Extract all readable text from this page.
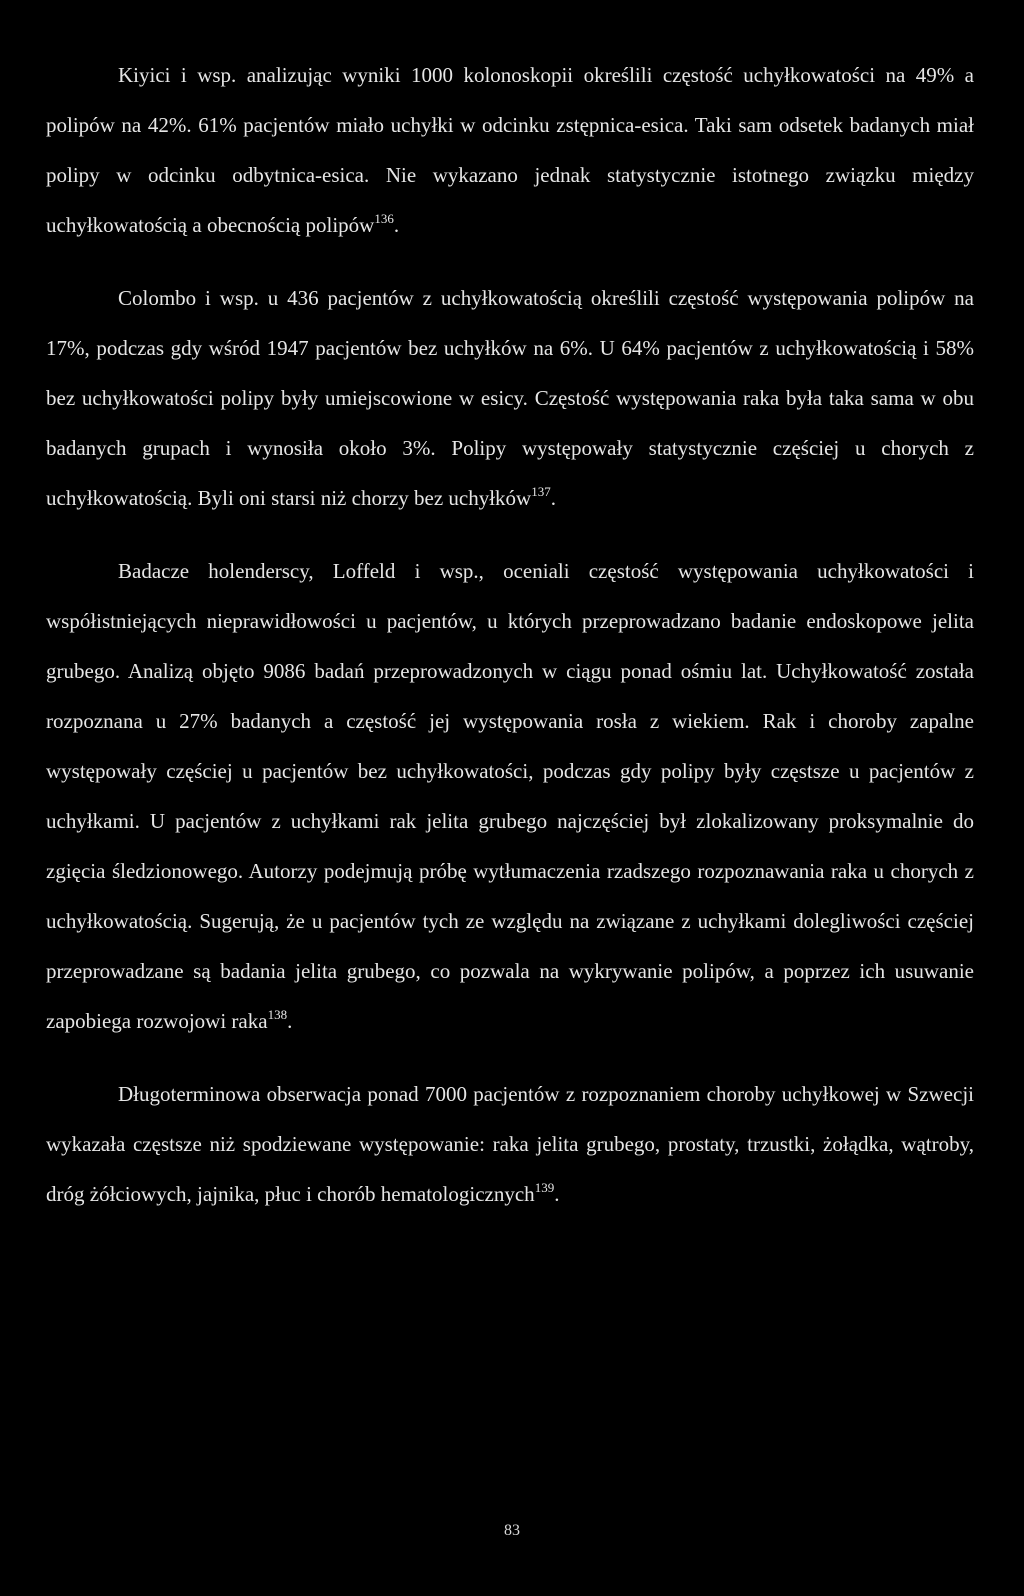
Kiyici i wsp. analizując wyniki 1000 kolonoskopii określili częstość uchyłkowatości na 49% a polipów na 42%. 61% pacjentów miało uchyłki w odcinku zstępnica-esica. Taki sam odsetek badanych miał polipy w odcinku odbytnica-esica. Nie wykazano jednak statystycznie istotnego związku między uchyłkowatością a obecnością polipów$^{136}$.

Colombo i wsp. u 436 pacjentów z uchyłkowatością określili częstość występowania polipów na 17%, podczas gdy wśród 1947 pacjentów bez uchyłków na 6%. U 64% pacjentów z uchyłkowatością i 58% bez uchyłkowatości polipy były umiejscowione w esicy. Częstość występowania raka była taka sama w obu badanych grupach i wynosiła około 3%. Polipy występowały statystycznie częściej u chorych z uchyłkowatością. Byli oni starsi niż chorzy bez uchyłków$^{137}$.

Badacze holenderscy, Loffeld i wsp., oceniali częstość występowania uchyłkowatości i współistniejących nieprawidłowości u pacjentów, u których przeprowadzano badanie endoskopowe jelita grubego. Analizą objęto 9086 badań przeprowadzonych w ciągu ponad ośmiu lat. Uchyłkowatość została rozpoznana u 27% badanych a częstość jej występowania rosła z wiekiem. Rak i choroby zapalne występowały częściej u pacjentów bez uchyłkowatości, podczas gdy polipy były częstsze u pacjentów z uchyłkami. U pacjentów z uchyłkami rak jelita grubego najczęściej był zlokalizowany proksymalnie do zgięcia śledzionowego. Autorzy podejmują próbę wytłumaczenia rzadszego rozpoznawania raka u chorych z uchyłkowatością. Sugerują, że u pacjentów tych ze względu na związane z uchyłkami dolegliwości częściej przeprowadzane są badania jelita grubego, co pozwala na wykrywanie polipów, a poprzez ich usuwanie zapobiega rozwojowi raka$^{138}$.

Długoterminowa obserwacja ponad 7000 pacjentów z rozpoznaniem choroby uchyłkowej w Szwecji wykazała częstsze niż spodziewane występowanie: raka jelita grubego, prostaty, trzustki, żołądka, wątroby, dróg żółciowych, jajnika, płuc i chorób hematologicznych$^{139}$.

83
